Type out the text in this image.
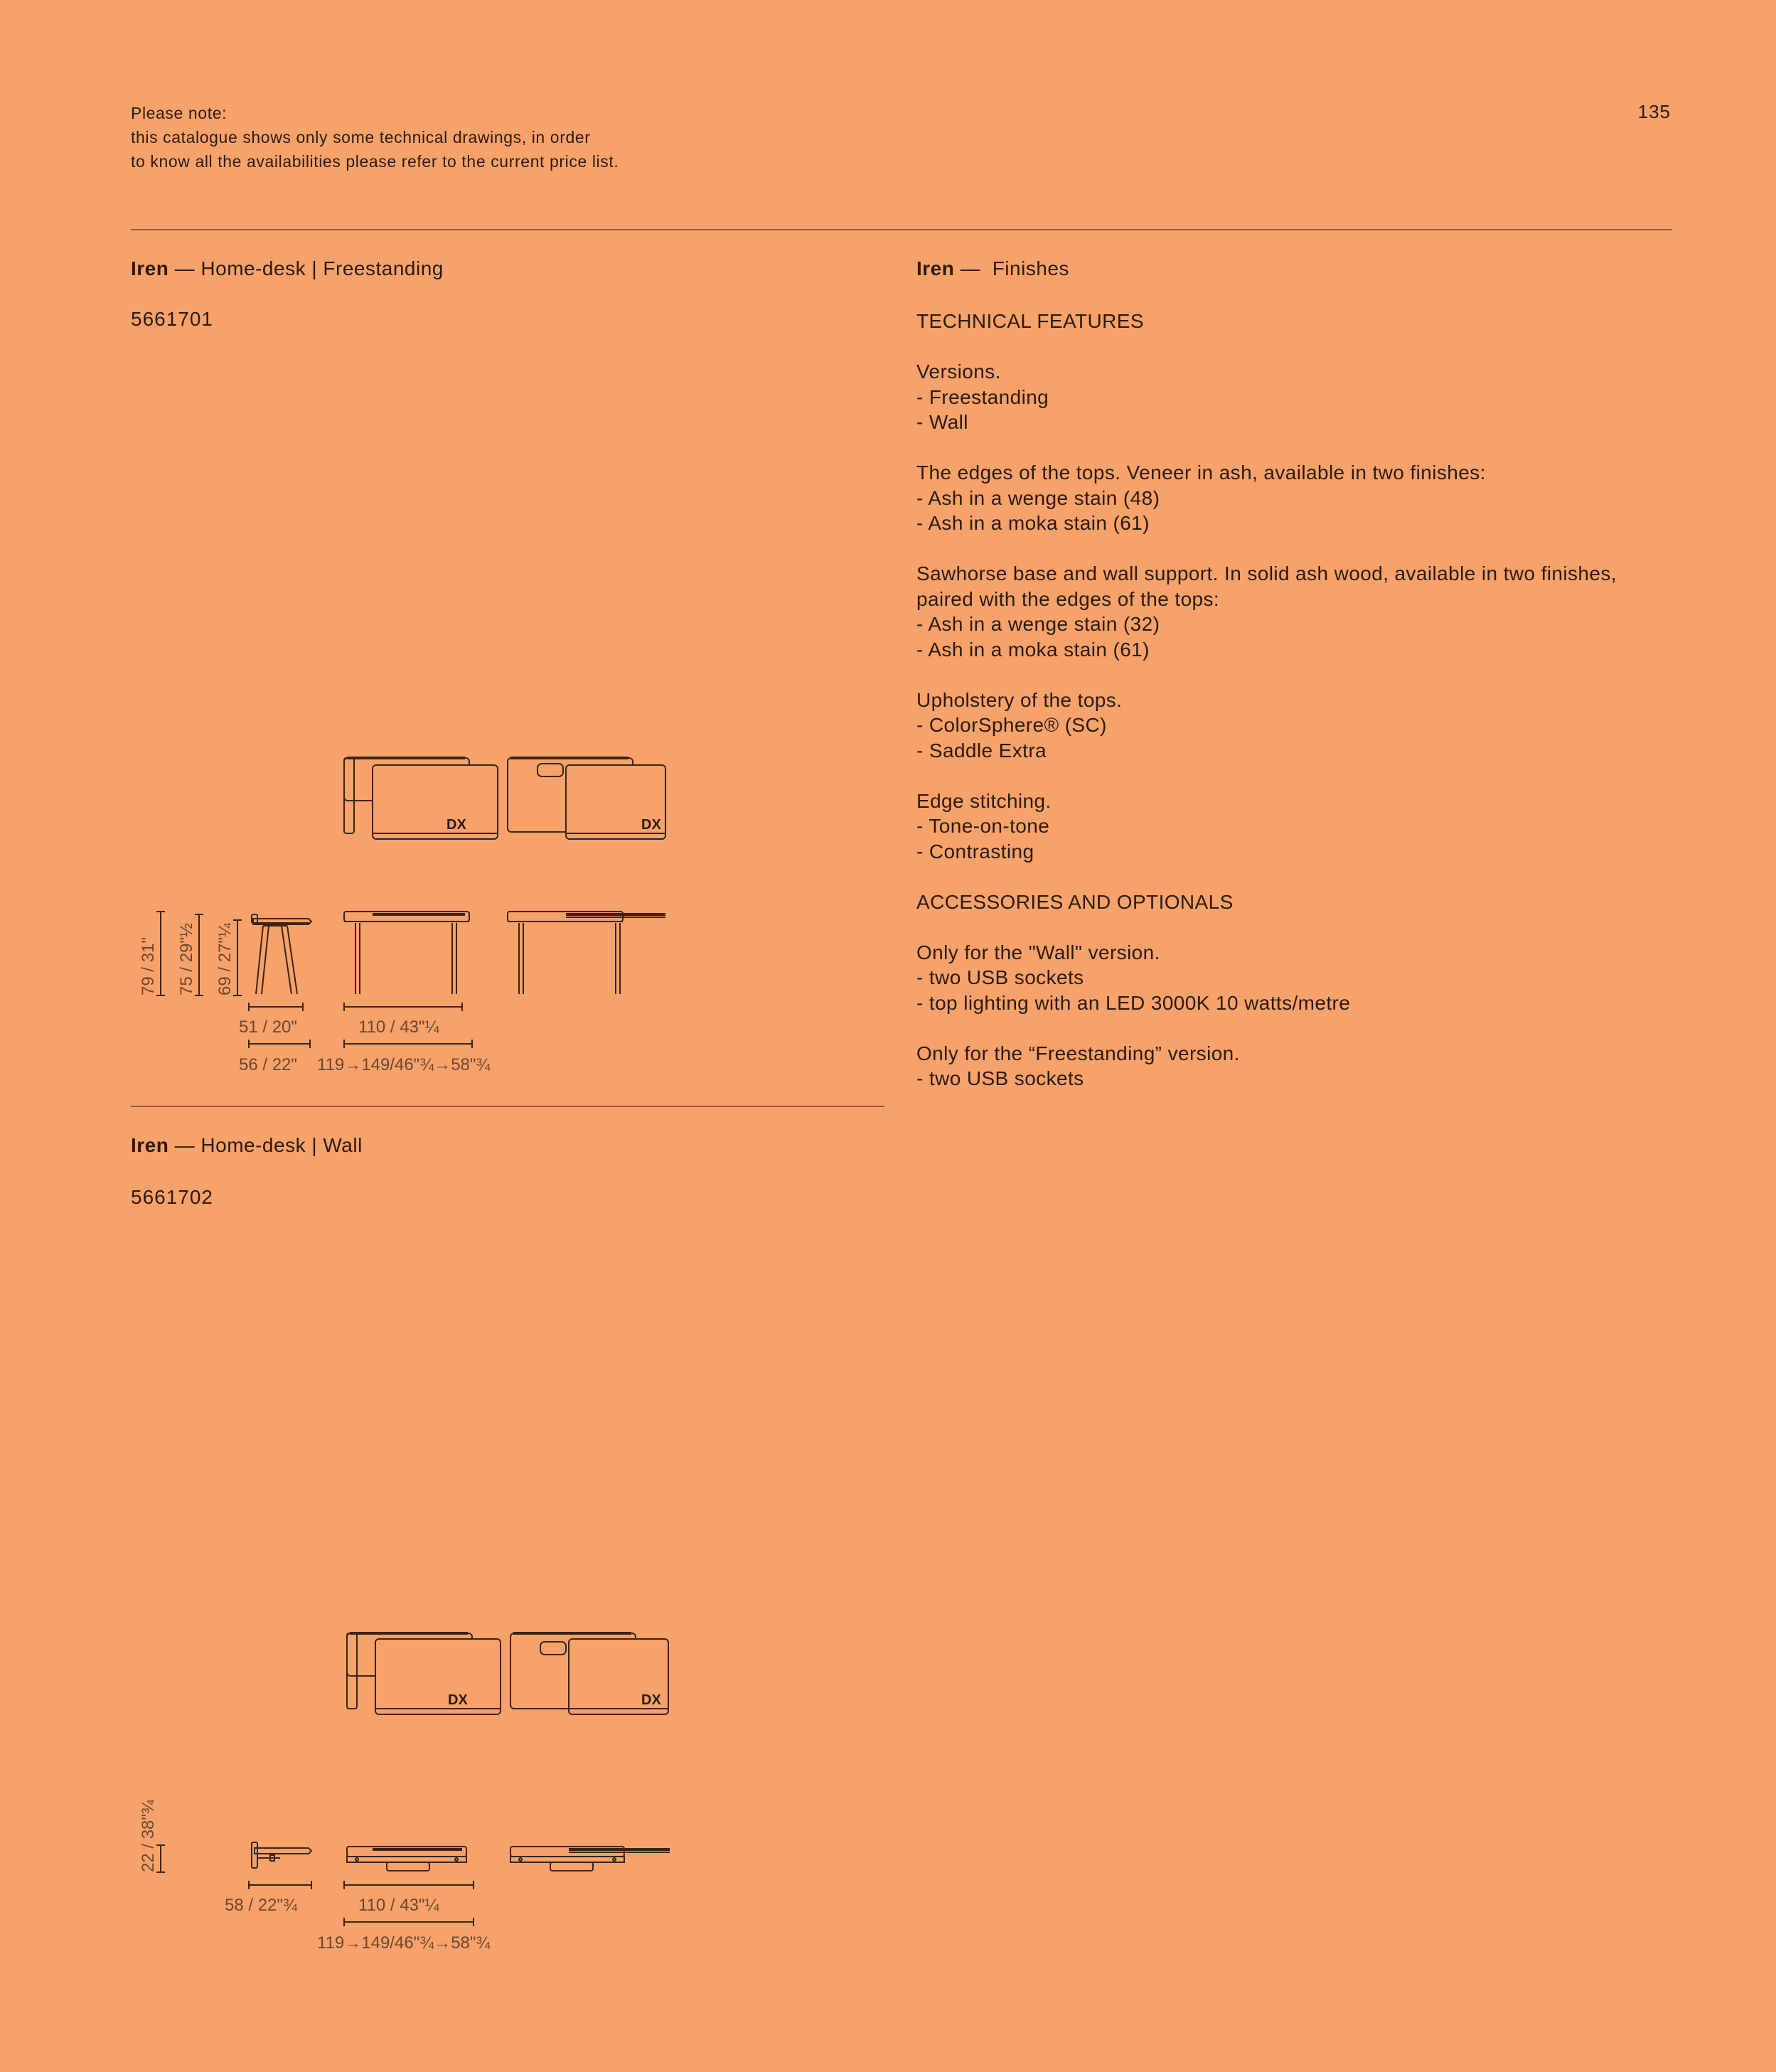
Please note:
this catalogue shows only some technical drawings, in order
to know all the availabilities please refer to the current price list.
135
Iren — Home-desk | Freestanding
5661701
DX	DX
79 / 31" 75 / 29"½ 69 / 27"¼
51 / 20"
56 / 22"
110 / 43"¼
119→149/46"¾→58"¾
Iren — Home-desk | Wall
5661702
DX	DX
22 / 38"¾
58 / 22"¾	110 / 43"¼
119→149/46"¾→58"¾
Iren — Finishes
TECHNICAL FEATURES
Versions.
- Freestanding
- Wall
The edges of the tops. Veneer in ash, available in two finishes:
- Ash in a wenge stain (48)
- Ash in a moka stain (61)
Sawhorse base and wall support. In solid ash wood, available in two finishes,
paired with the edges of the tops:
- Ash in a wenge stain (32)
- Ash in a moka stain (61)
Upholstery of the tops.
- ColorSphere® (SC)
- Saddle Extra
Edge stitching.
- Tone-on-tone
- Contrasting
ACCESSORIES AND OPTIONALS
Only for the "Wall" version.
- two USB sockets
- top lighting with an LED 3000K 10 watts/metre
Only for the “Freestanding” version.
- two USB sockets
